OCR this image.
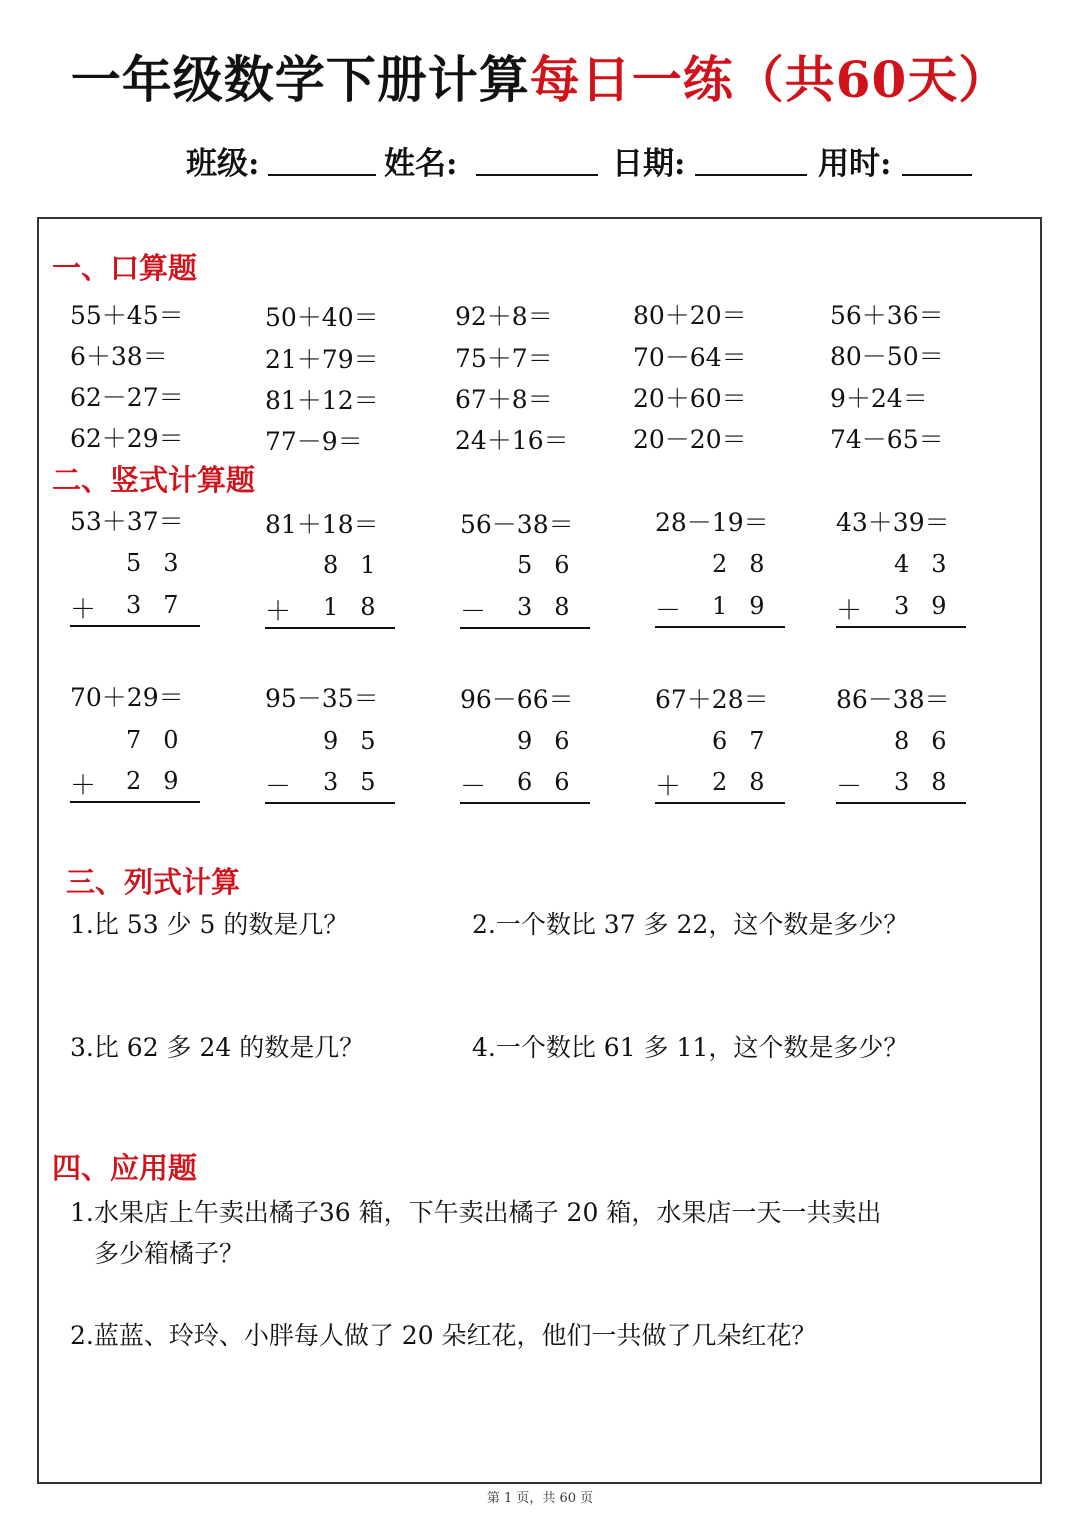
一年级数学下册计算每日一练（共60天）
班级:	姓名:	日期:	用时:
一、口算题
55＋45＝	50＋40＝	92＋8＝	80＋20＝	56＋36＝
6＋38＝	21＋79＝	75＋7＝	70－64＝	80－50＝
62－27＝	81＋12＝	67＋8＝	20＋60＝	9＋24＝
62＋29＝	77－9＝	24＋16＝	20－20＝	74－65＝
二、竖式计算题
53＋37＝
53
＋ 37
81＋18＝
81
＋ 18
56－38＝
56
－ 38
28－19＝
28
－ 19
43＋39＝
43
＋ 39
70＋29＝
70
＋ 29
95－35＝
95
－ 35
96－66＝
96
－ 66
67＋28＝
67
＋ 28
86－38＝
86
－ 38
三、列式计算
1.比 53 少 5 的数是几？	2.一个数比 37 多 22，这个数是多少？
3.比 62 多 24 的数是几？	4.一个数比 61 多 11，这个数是多少？
四、应用题
1.水果店上午卖出橘子36 箱，下午卖出橘子 20 箱，水果店一天一共卖出
多少箱橘子？
2.蓝蓝、玲玲、小胖每人做了 20 朵红花，他们一共做了几朵红花？
第 1 页，共 60 页
